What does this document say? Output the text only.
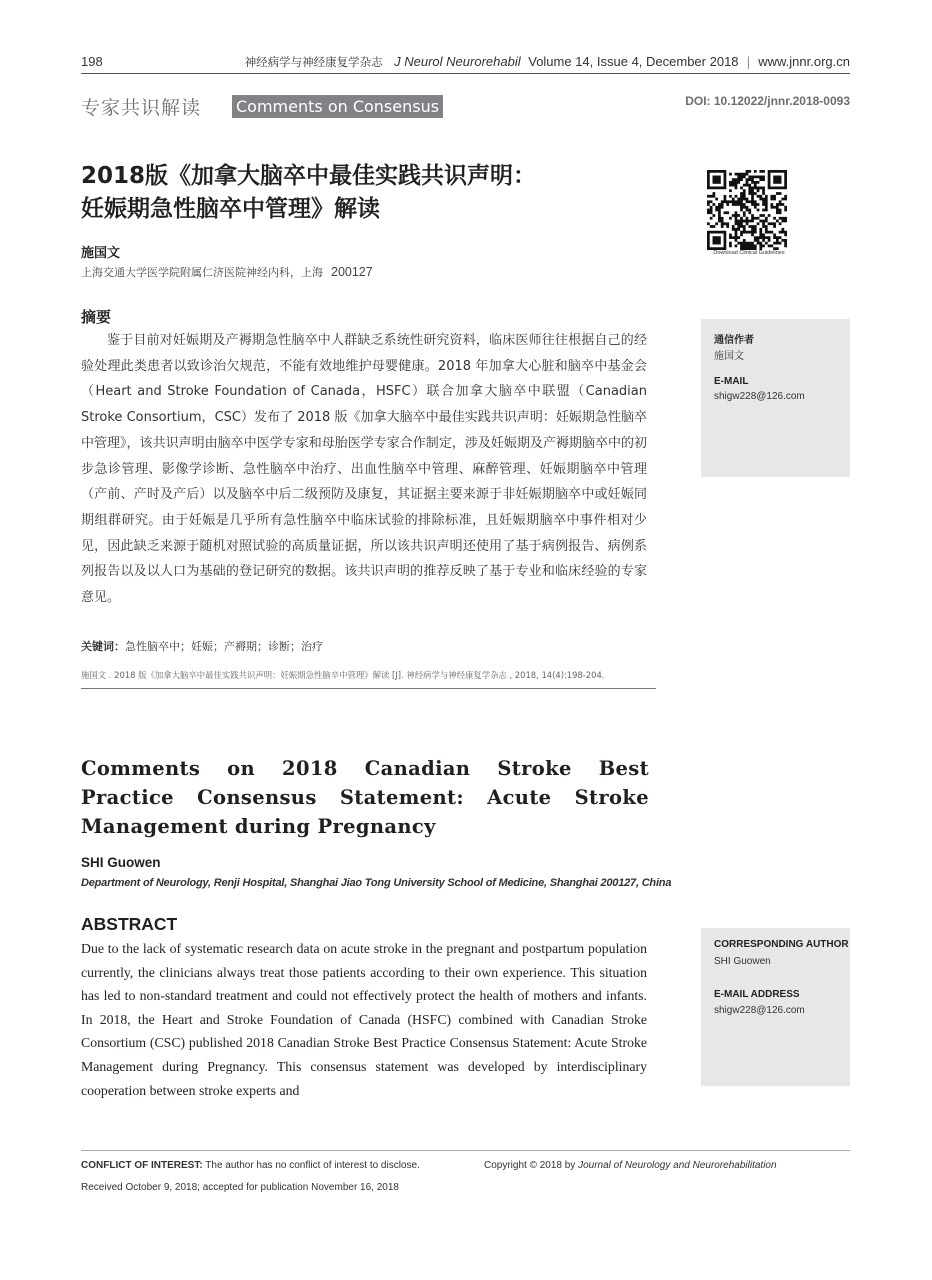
198	神经病学与神经康复学杂志 J Neurol Neurorehabil Volume 14, Issue 4, December 2018 | www.jnnr.org.cn
专家共识解读 Comments on Consensus	DOI: 10.12022/jnnr.2018-0093
2018版《加拿大脑卒中最佳实践共识声明：
妊娠期急性脑卒中管理》解读
施国文
上海交通大学医学院附属仁济医院神经内科，上海 200127
Download Clinical Guidelines
摘要
鉴于目前对妊娠期及产褥期急性脑卒中人群缺乏系统性研究资料，临床医师往往根据自己的经验处理此类患者以致诊治欠规范，不能有效地维护母婴健康。2018 年加拿大心脏和脑卒中基金会（Heart and Stroke Foundation of Canada，HSFC）联合加拿大脑卒中联盟（Canadian Stroke Consortium，CSC）发布了 2018 版《加拿大脑卒中最佳实践共识声明：妊娠期急性脑卒中管理》，该共识声明由脑卒中医学专家和母胎医学专家合作制定，涉及妊娠期及产褥期脑卒中的初步急诊管理、影像学诊断、急性脑卒中治疗、出血性脑卒中管理、麻醉管理、妊娠期脑卒中管理（产前、产时及产后）以及脑卒中后二级预防及康复，其证据主要来源于非妊娠期脑卒中或妊娠同期组群研究。由于妊娠是几乎所有急性脑卒中临床试验的排除标准，且妊娠期脑卒中事件相对少见，因此缺乏来源于随机对照试验的高质量证据，所以该共识声明还使用了基于病例报告、病例系列报告以及以人口为基础的登记研究的数据。该共识声明的推荐反映了基于专业和临床经验的专家意见。
关键词：急性脑卒中；妊娠；产褥期；诊断；治疗
施国文 . 2018 版《加拿大脑卒中最佳实践共识声明：妊娠期急性脑卒中管理》解读 [J]. 神经病学与神经康复学杂志 , 2018, 14(4):198-204.
通信作者
施国文
E-MAIL
shigw228@126.com
Comments on 2018 Canadian Stroke Best Practice Consensus Statement: Acute Stroke Management during Pregnancy
SHI Guowen
Department of Neurology, Renji Hospital, Shanghai Jiao Tong University School of Medicine, Shanghai 200127, China
ABSTRACT
Due to the lack of systematic research data on acute stroke in the pregnant and postpartum population currently, the clinicians always treat those patients according to their own experience. This situation has led to non-standard treatment and could not effectively protect the health of mothers and infants. In 2018, the Heart and Stroke Foundation of Canada (HSFC) combined with Canadian Stroke Consortium (CSC) published 2018 Canadian Stroke Best Practice Consensus Statement: Acute Stroke Management during Pregnancy. This consensus statement was developed by interdisciplinary cooperation between stroke experts and
CORRESPONDING AUTHOR
SHI Guowen
E-MAIL ADDRESS
shigw228@126.com
CONFLICT OF INTEREST: The author has no conflict of interest to disclose.	Copyright © 2018 by Journal of Neurology and Neurorehabilitation
Received October 9, 2018; accepted for publication November 16, 2018
